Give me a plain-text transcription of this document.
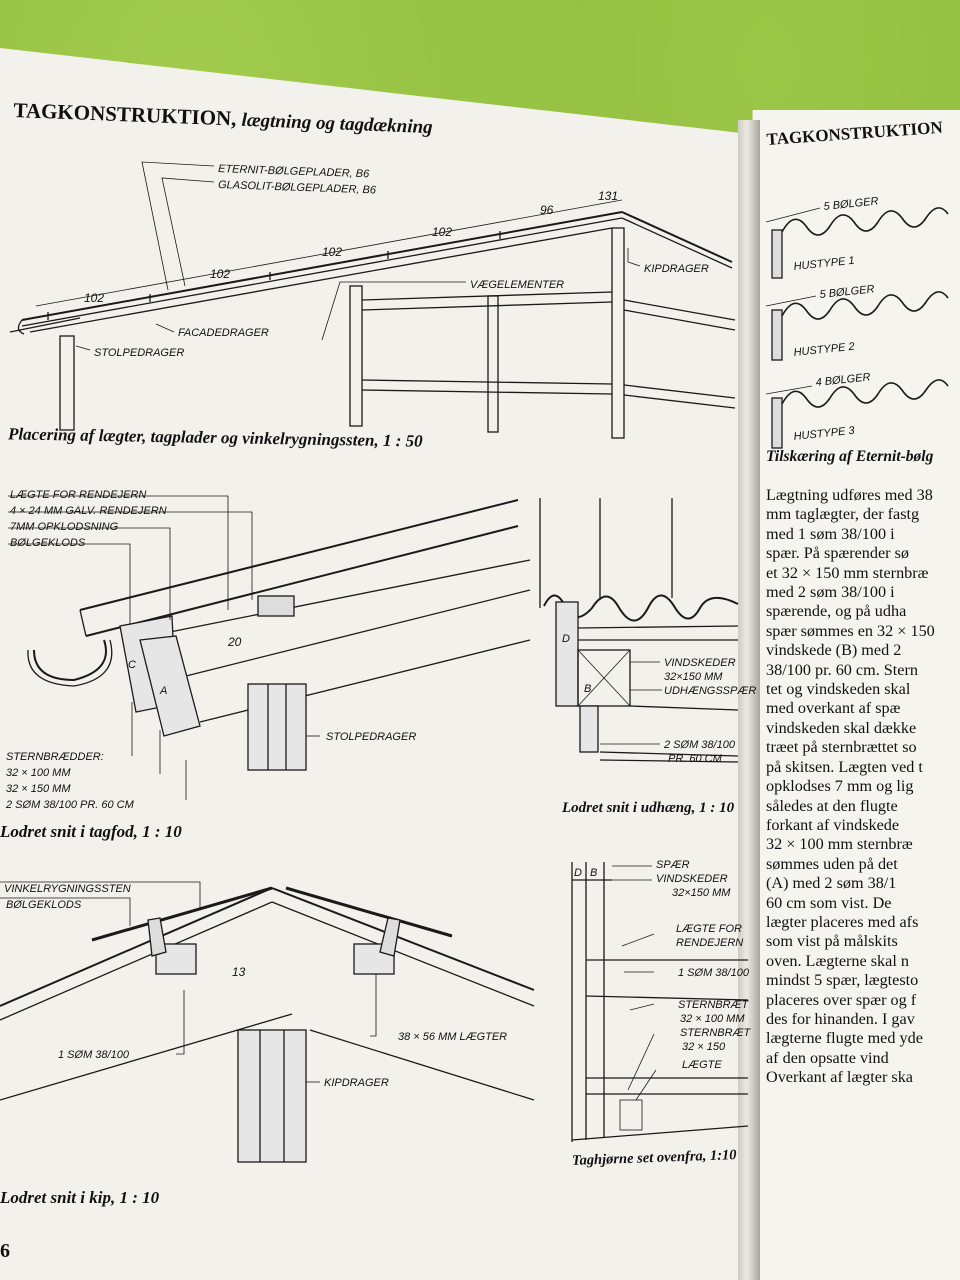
TAGKONSTRUKTION, lægtning og tagdækning
Placering af lægter, tagplader og vinkelrygningssten, 1 : 50
Lodret snit i tagfod, 1 : 10
Lodret snit i udhæng, 1 : 10
Lodret snit i kip, 1 : 10
Taghjørne set ovenfra, 1:10
6
102
102
102
102
96
131
ETERNIT-BØLGEPLADER, B6
GLASOLIT-BØLGEPLADER, B6
VÆGELEMENTER
KIPDRAGER
FACADEDRAGER
STOLPEDRAGER
C
A
20
LÆGTE FOR RENDEJERN
4 × 24 MM GALV. RENDEJERN
7MM OPKLODSNING
BØLGEKLODS
STERNBRÆDDER:
32 × 100 MM
32 × 150 MM
2 SØM 38/100 PR. 60 CM
STOLPEDRAGER
D
B
VINDSKEDER
32×150 MM
UDHÆNGSSPÆR
2 SØM 38/100
PR. 60 CM
13
VINKELRYGNINGSSTEN
BØLGEKLODS
1 SØM 38/100
38 × 56 MM LÆGTER
KIPDRAGER
D B
SPÆR
VINDSKEDER
32×150 MM
LÆGTE FOR
RENDEJERN
1 SØM 38/100
STERNBRÆT
32 × 100 MM
STERNBRÆT
32 × 150
LÆGTE
5 BØLGER
HUSTYPE 1
5 BØLGER
HUSTYPE 2
4 BØLGER
HUSTYPE 3
TAGKONSTRUKTION
Tilskæring af Eternit-bølg
Lægtning udføres med 38
mm taglægter, der fastg
med 1 søm 38/100 i
spær. På spærender sø
et 32 × 150 mm sternbræ
med 2 søm 38/100 i
spærende, og på udha
spær sømmes en 32 × 150
vindskede (B) med 2
38/100 pr. 60 cm. Stern
tet og vindskeden skal
med overkant af spæ
vindskeden skal dække
træet på sternbrættet so
på skitsen. Lægten ved t
opklodses 7 mm og lig
således at den flugte
forkant af vindskede
32 × 100 mm sternbræ
sømmes uden på det
(A) med 2 søm 38/1
60 cm som vist. De
lægter placeres med afs
som vist på målskits
oven. Lægterne skal n
mindst 5 spær, lægtesto
placeres over spær og f
des for hinanden. I gav
lægterne flugte med yde
af den opsatte vind
Overkant af lægter ska
